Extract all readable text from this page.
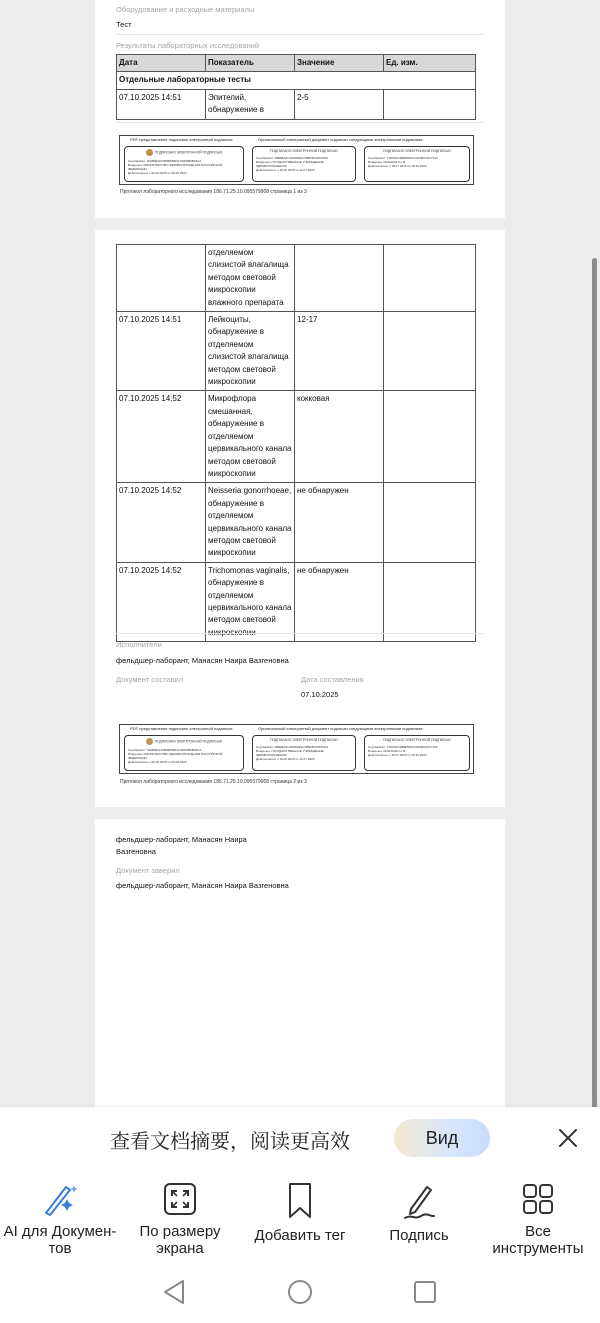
Оборудование и расходные материалы
Тест
Результаты лабораторных исследований
Дата	Показатель	Значение	Ед. изм.
Отдельные лабораторные тесты			
07.10.2025 14:51	Эпителий, обнаружение в	2-5	
PDF-представление подписано электронной подписью:	Оригинальный электронный документ подписан следующими электронными подписями:
ПОДПИСАНО ЭЛЕКТРОННОЙ ПОДПИСЬЮ
Сертификат: 7E0B0E1F04B4B6B9C6760D0B6B23CA
Владелец: МИНИСТЕРСТВО ЗДРАВООХРАНЕНИЯ РОССИЙСКОЙ ФЕДЕРАЦИИ
Действителен: с 02.09.2025 по 26.08.2026
ПОДПИСАНО ЭЛЕКТРОННОЙ ПОДПИСЬЮ
Сертификат: 08B8EA6CA90D9E3C7BB28C0067D0A
Владелец: ГОСУДАРСТВЕННОЕ УЧРЕЖДЕНИЕ ЗДРАВООХРАНЕНИЯ
Действителен: с 19.06.2025 по 12.07.2026
ПОДПИСАНО ЭЛЕКТРОННОЙ ПОДПИСЬЮ
Сертификат: 77D97EC9B8E5F84C0F6B9C6C7340
Владелец: МАНАСЯН Н. В.
Действителен: с 18.07.2025 по 18.10.2026
Протокол лабораторного исследования 186.71.25.10.095579908 страница 1 из 3
	отделяемом слизистой влагалища методом световой микроскопии влажного препарата		
07.10.2025 14:51	Лейкоциты, обнаружение в отделяемом слизистой влагалища методом световой микроскопии	12-17	
07.10.2025 14:52	Микрофлора смешанная, обнаружение в отделяемом цервикального канала методом световой микроскопии	кокковая	
07.10.2025 14:52	Neisseria gonorrhoeae, обнаружение в отделяемом цервикального канала методом световой микроскопии	не обнаружен	
07.10.2025 14:52	Trichomonas vaginalis, обнаружение в отделяемом цервикального канала методом световой	не обнаружен	
Исполнители
фельдшер-лаборант, Манасян Наира Вазгеновна
Документ составил	Дата составления
07.10.2025
PDF-представление подписано электронной подписью:	Оригинальный электронный документ подписан следующими электронными подписями:
ПОДПИСАНО ЭЛЕКТРОННОЙ ПОДПИСЬЮ
Сертификат: 7E0B0E1F04B4B6B9C6760D0B6B23CA
Владелец: МИНИСТЕРСТВО ЗДРАВООХРАНЕНИЯ РОССИЙСКОЙ ФЕДЕРАЦИИ
Действителен: с 02.09.2025 по 26.08.2026
ПОДПИСАНО ЭЛЕКТРОННОЙ ПОДПИСЬЮ
Сертификат: 08B8EA6CA90D9E3C7BB28C0067D0A
Владелец: ГОСУДАРСТВЕННОЕ УЧРЕЖДЕНИЕ ЗДРАВООХРАНЕНИЯ
Действителен: с 19.06.2025 по 12.07.2026
ПОДПИСАНО ЭЛЕКТРОННОЙ ПОДПИСЬЮ
Сертификат: 77D97EC9B8E5F84C0F6B9C6C7340
Владелец: МАНАСЯН Н. В.
Действителен: с 18.07.2025 по 18.10.2026
Протокол лабораторного исследования 186.71.25.10.095579908 страница 2 из 3
фельдшер-лаборант, Манасян Наира
Вазгеновна
Документ заверил
фельдшер-лаборант, Манасян Наира Вазгеновна
查看文档摘要，阅读更高效	Вид
AI для Докумен-
тов
По размеру
экрана
Добавить тег	Подпись	Все
инструменты
